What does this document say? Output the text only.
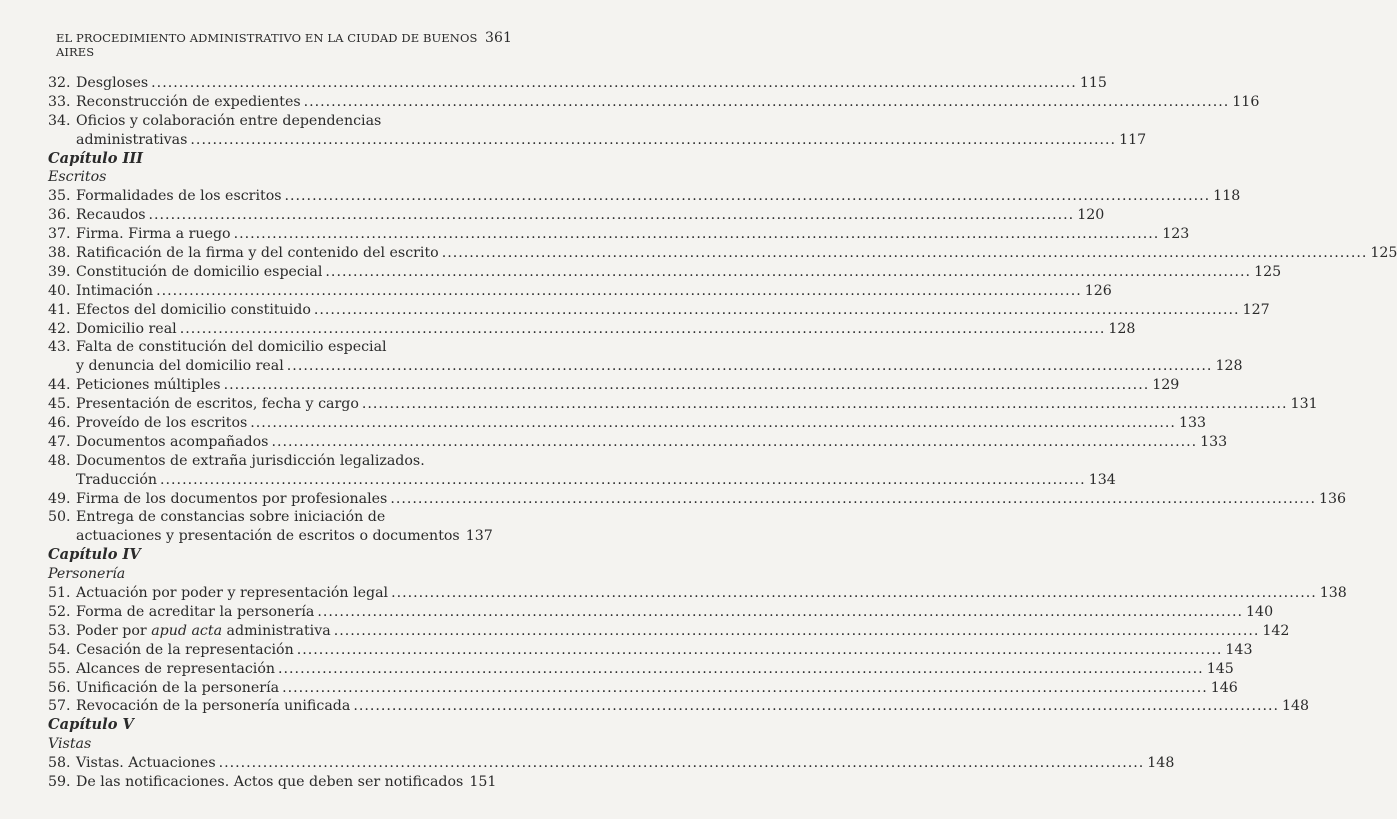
EL PROCEDIMIENTO ADMINISTRATIVO EN LA CIUDAD DE BUENOS AIRES
361
32. Desgloses .....	115
33. Reconstrucción de expedientes .....	116
34. Oficios y colaboración entre dependencias
administrativas .....	117
Capítulo III
Escritos
35. Formalidades de los escritos .....	118
36. Recaudos .....	120
37. Firma. Firma a ruego .....	123
38. Ratificación de la firma y del contenido del escrito .....	125
39. Constitución de domicilio especial .....	125
40. Intimación .....	126
41. Efectos del domicilio constituido .....	127
42. Domicilio real .....	128
43. Falta de constitución del domicilio especial
y denuncia del domicilio real .....	128
44. Peticiones múltiples .....	129
45. Presentación de escritos, fecha y cargo .....	131
46. Proveído de los escritos .....	133
47. Documentos acompañados .....	133
48. Documentos de extraña jurisdicción legalizados.
Traducción .....	134
49. Firma de los documentos por profesionales .....	136
50. Entrega de constancias sobre iniciación de
actuaciones y presentación de escritos o documentos 137
Capítulo IV
Personería
51. Actuación por poder y representación legal .....	138
52. Forma de acreditar la personería .....	140
53. Poder por apud acta administrativa .....	142
54. Cesación de la representación .....	143
55. Alcances de representación .....	145
56. Unificación de la personería .....	146
57. Revocación de la personería unificada .....	148
Capítulo V
Vistas
58. Vistas. Actuaciones .....	148
59. De las notificaciones. Actos que deben ser notificados 151
